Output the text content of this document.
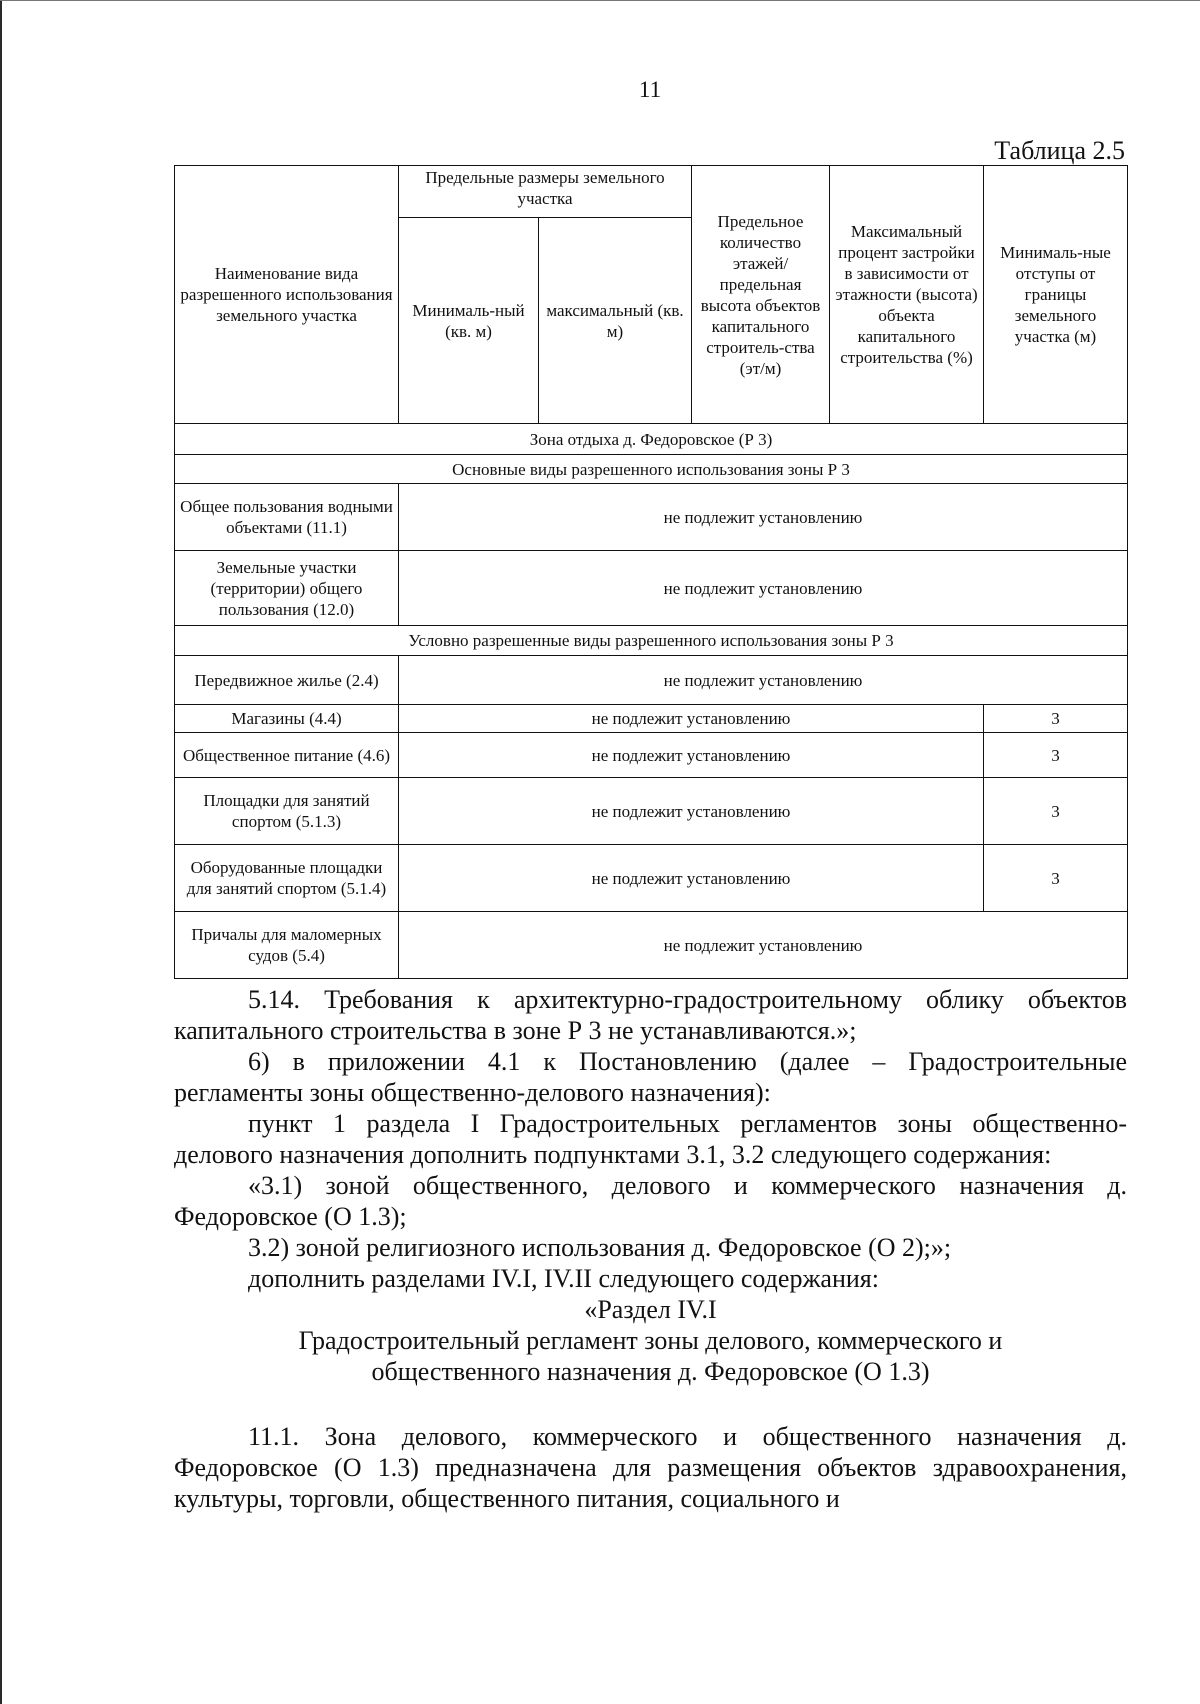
11
Таблица 2.5
Наименование вида разрешенного использования земельного участка	Предельные размеры земельного участка		Предельное количество этажей/ предельная высота объектов капитального строитель-ства (эт/м)	Максимальный процент застройки в зависимости от этажности (высота) объекта капитального строительства (%)	Минималь-ные отступы от границы земельного участка (м)
	Минималь-ный (кв. м)	максимальный (кв. м)			
Зона отдыха д. Федоровское (Р 3)					
Основные виды разрешенного использования зоны Р 3					
Общее пользования водными объектами (11.1)	не подлежит установлению				
Земельные участки (территории) общего пользования (12.0)	не подлежит установлению				
Условно разрешенные виды разрешенного использования зоны Р 3					
Передвижное жилье (2.4)	не подлежит установлению				
Магазины (4.4)	не подлежит установлению				3
Общественное питание (4.6)	не подлежит установлению				3
Площадки для занятий спортом (5.1.3)	не подлежит установлению				3
Оборудованные площадки для занятий спортом (5.1.4)	не подлежит установлению				3
Причалы для маломерных судов (5.4)	не подлежит установлению				

5.14. Требования к архитектурно-градостроительному облику объектов капитального строительства в зоне Р 3 не устанавливаются.»;

6) в приложении 4.1 к Постановлению (далее – Градостроительные регламенты зоны общественно-делового назначения):

пункт 1 раздела I Градостроительных регламентов зоны общественно-делового назначения дополнить подпунктами 3.1, 3.2 следующего содержания:

«3.1) зоной общественного, делового и коммерческого назначения д. Федоровское (О 1.3);

3.2) зоной религиозного использования д. Федоровское (О 2);»;

дополнить разделами IV.I, IV.II следующего содержания:

«Раздел IV.I

Градостроительный регламент зоны делового, коммерческого и

общественного назначения д. Федоровское (О 1.3)

11.1. Зона делового, коммерческого и общественного назначения д. Федоровское (О 1.3) предназначена для размещения объектов здравоохранения, культуры, торговли, общественного питания, социального и
